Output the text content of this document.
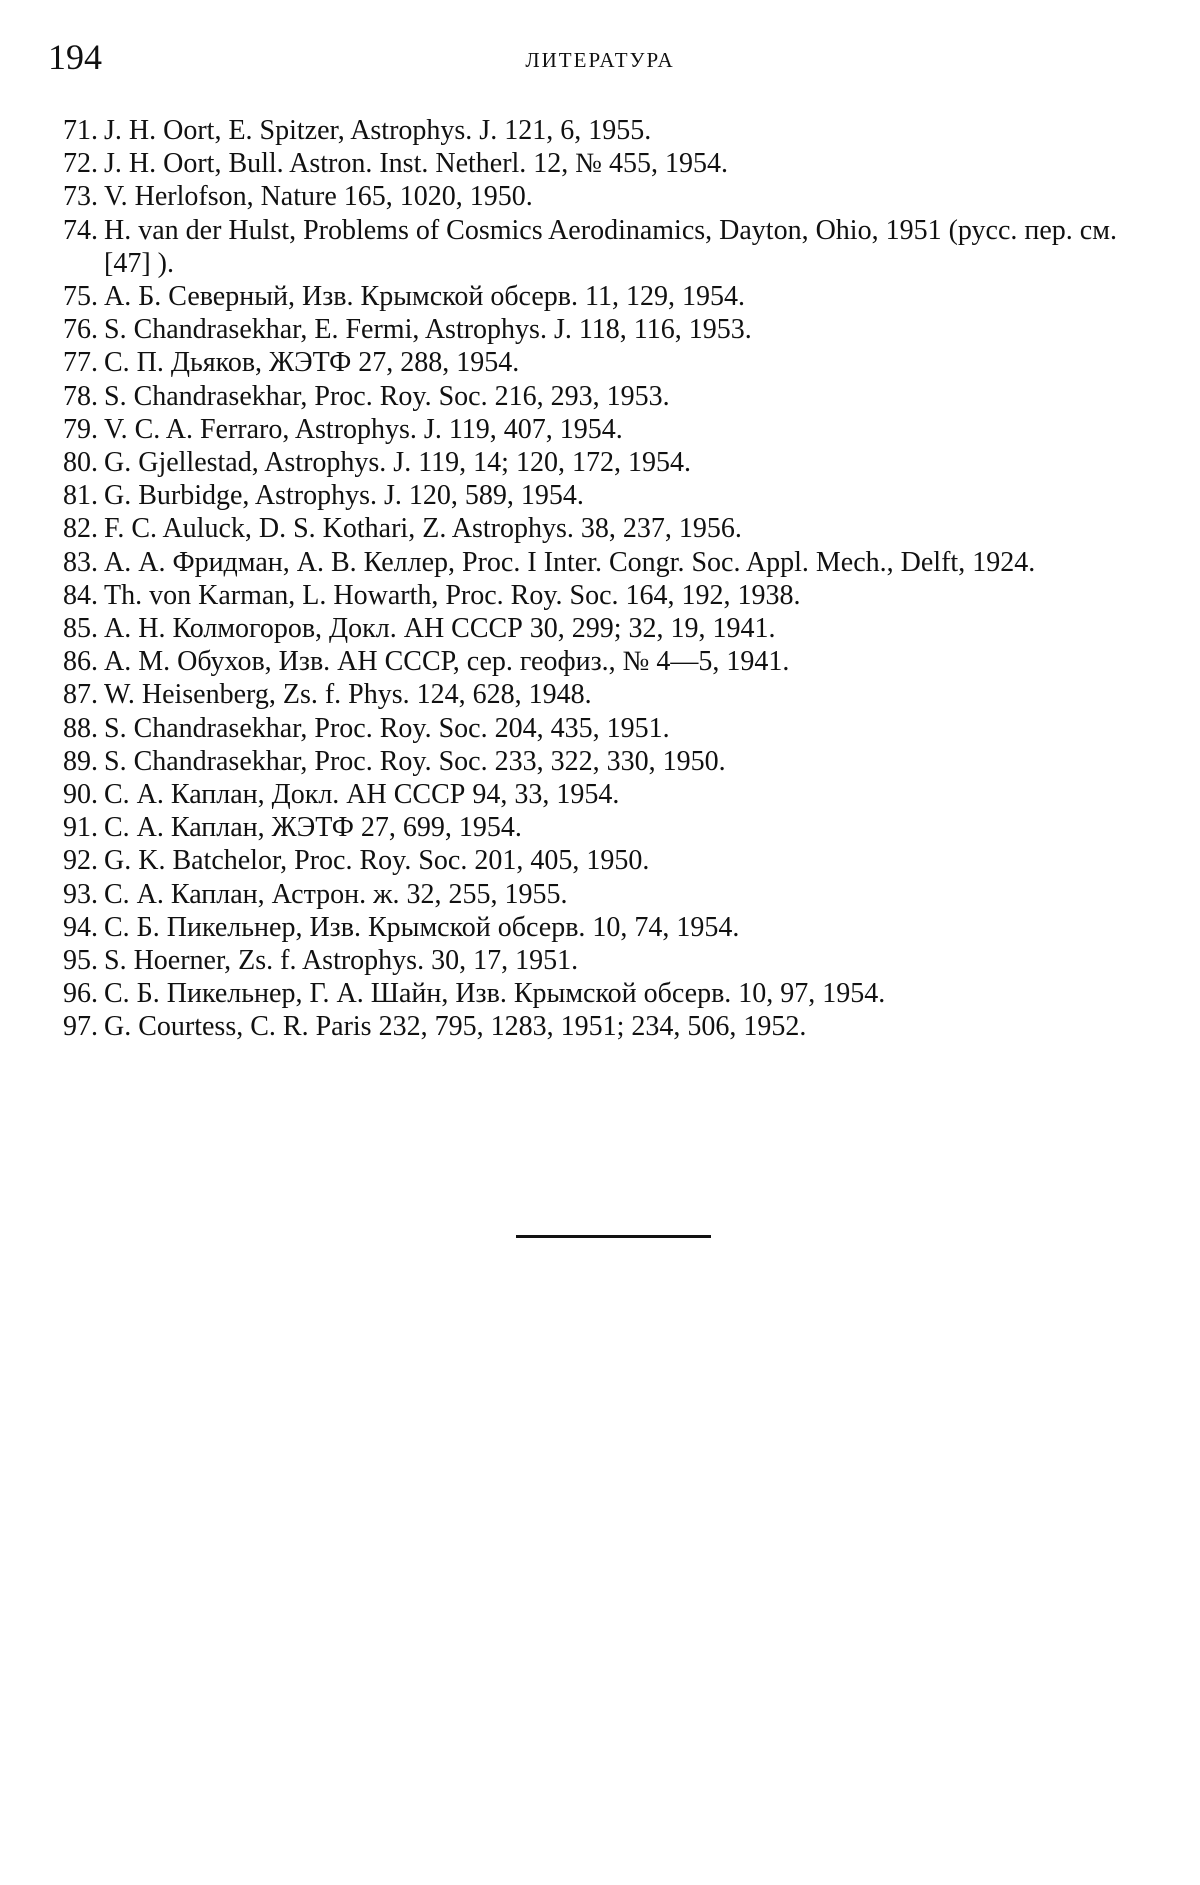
194	ЛИТЕРАТУРА
71. J. H. Oort, E. Spitzer, Astrophys. J. 121, 6, 1955.
72. J. H. Oort, Bull. Astron. Inst. Netherl. 12, № 455, 1954.
73. V. Herlofson, Nature 165, 1020, 1950.
74. H. van der Hulst, Problems of Cosmics Aerodinamics, Dayton, Ohio, 1951 (русс. пер. см. [47] ).
75. А. Б. Северный, Изв. Крымской обсерв. 11, 129, 1954.
76. S. Chandrasekhar, E. Fermi, Astrophys. J. 118, 116, 1953.
77. С. П. Дьяков, ЖЭТФ 27, 288, 1954.
78. S. Chandrasekhar, Proc. Roy. Soc. 216, 293, 1953.
79. V. C. A. Ferraro, Astrophys. J. 119, 407, 1954.
80. G. Gjellestad, Astrophys. J. 119, 14; 120, 172, 1954.
81. G. Burbidge, Astrophys. J. 120, 589, 1954.
82. F. C. Auluck, D. S. Kothari, Z. Astrophys. 38, 237, 1956.
83. А. А. Фридман, А. В. Келлер, Proc. I Inter. Congr. Soc. Appl. Mech., Delft, 1924.
84. Th. von Karman, L. Howarth, Proc. Roy. Soc. 164, 192, 1938.
85. А. Н. Колмогоров, Докл. АН СССР 30, 299; 32, 19, 1941.
86. А. М. Обухов, Изв. АН СССР, сер. геофиз., № 4—5, 1941.
87. W. Heisenberg, Zs. f. Phys. 124, 628, 1948.
88. S. Chandrasekhar, Proc. Roy. Soc. 204, 435, 1951.
89. S. Chandrasekhar, Proc. Roy. Soc. 233, 322, 330, 1950.
90. С. А. Каплан, Докл. АН СССР 94, 33, 1954.
91. С. А. Каплан, ЖЭТФ 27, 699, 1954.
92. G. K. Batchelor, Proc. Roy. Soc. 201, 405, 1950.
93. С. А. Каплан, Астрон. ж. 32, 255, 1955.
94. С. Б. Пикельнер, Изв. Крымской обсерв. 10, 74, 1954.
95. S. Hoerner, Zs. f. Astrophys. 30, 17, 1951.
96. С. Б. Пикельнер, Г. А. Шайн, Изв. Крымской обсерв. 10, 97, 1954.
97. G. Courtess, C. R. Paris 232, 795, 1283, 1951; 234, 506, 1952.
